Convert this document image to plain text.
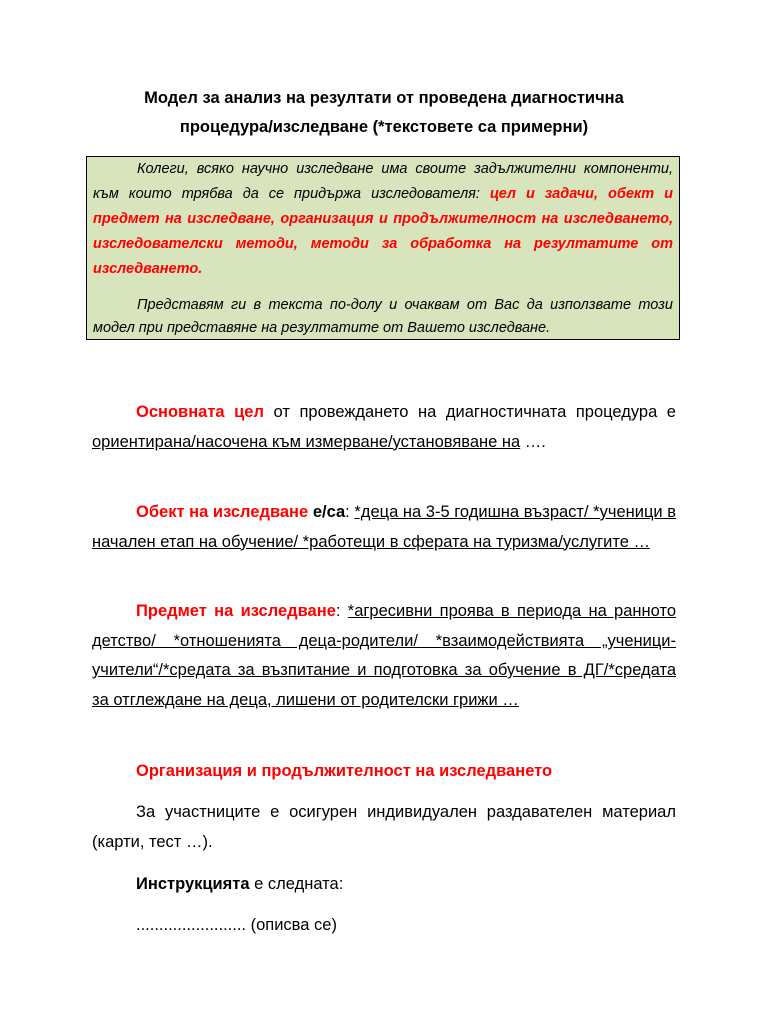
Модел за анализ на резултати от проведена диагностична
процедура/изследване (*текстовете са примерни)

Колеги, всяко научно изследване има своите задължителни компоненти, към които трябва да се придържа изследователя: цел и задачи, обект и предмет на изследване, организация и продължителност на изследването, изследователски методи, методи за обработка на резултатите от изследването.

Представям ги в текста по-долу и очаквам от Вас да използвате този модел при представяне на резултатите от Вашето изследване.

Основната цел от провеждането на диагностичната процедура е ориентирана/насочена към измерване/установяване на ….
Обект на изследване е/са: *деца на 3-5 годишна възраст/ *ученици в начален етап на обучение/ *работещи в сферата на туризма/услугите …
Предмет на изследване: *агресивни проява в периода на ранното детство/ *отношенията деца-родители/ *взаимодействията „ученици-учители“/*средата за възпитание и подготовка за обучение в ДГ/*средата за отглеждане на деца, лишени от родителски грижи …
Организация и продължителност на изследването
За участниците е осигурен индивидуален раздавателен материал (карти, тест …).
Инструкцията е следната:
........................ (описва се)
